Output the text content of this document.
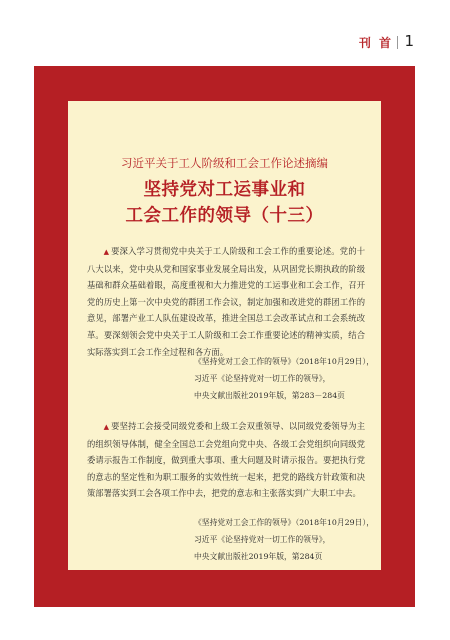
刊 首 1
习近平关于工人阶级和工会工作论述摘编
坚持党对工运事业和
工会工作的领导（十三）

▲ 要深入学习贯彻党中央关于工人阶级和工会工作的重要论述。党的十八大以来，党中央从党和国家事业发展全局出发，从巩固党长期执政的阶级基础和群众基础着眼，高度重视和大力推进党的工运事业和工会工作，召开党的历史上第一次中央党的群团工作会议，制定加强和改进党的群团工作的意见，部署产业工人队伍建设改革，推进全国总工会改革试点和工会系统改革。要深刻领会党中央关于工人阶级和工会工作重要论述的精神实质，结合实际落实到工会工作全过程和各方面。

《坚持党对工会工作的领导》（2018年10月29日），
习近平《论坚持党对一切工作的领导》，
中央文献出版社2019年版，第283－284页

▲ 要坚持工会接受同级党委和上级工会双重领导、以同级党委领导为主的组织领导体制，健全全国总工会党组向党中央、各级工会党组织向同级党委请示报告工作制度，做到重大事项、重大问题及时请示报告。要把执行党的意志的坚定性和为职工服务的实效性统一起来，把党的路线方针政策和决策部署落实到工会各项工作中去，把党的意志和主张落实到广大职工中去。

《坚持党对工会工作的领导》（2018年10月29日），
习近平《论坚持党对一切工作的领导》，
中央文献出版社2019年版，第284页
